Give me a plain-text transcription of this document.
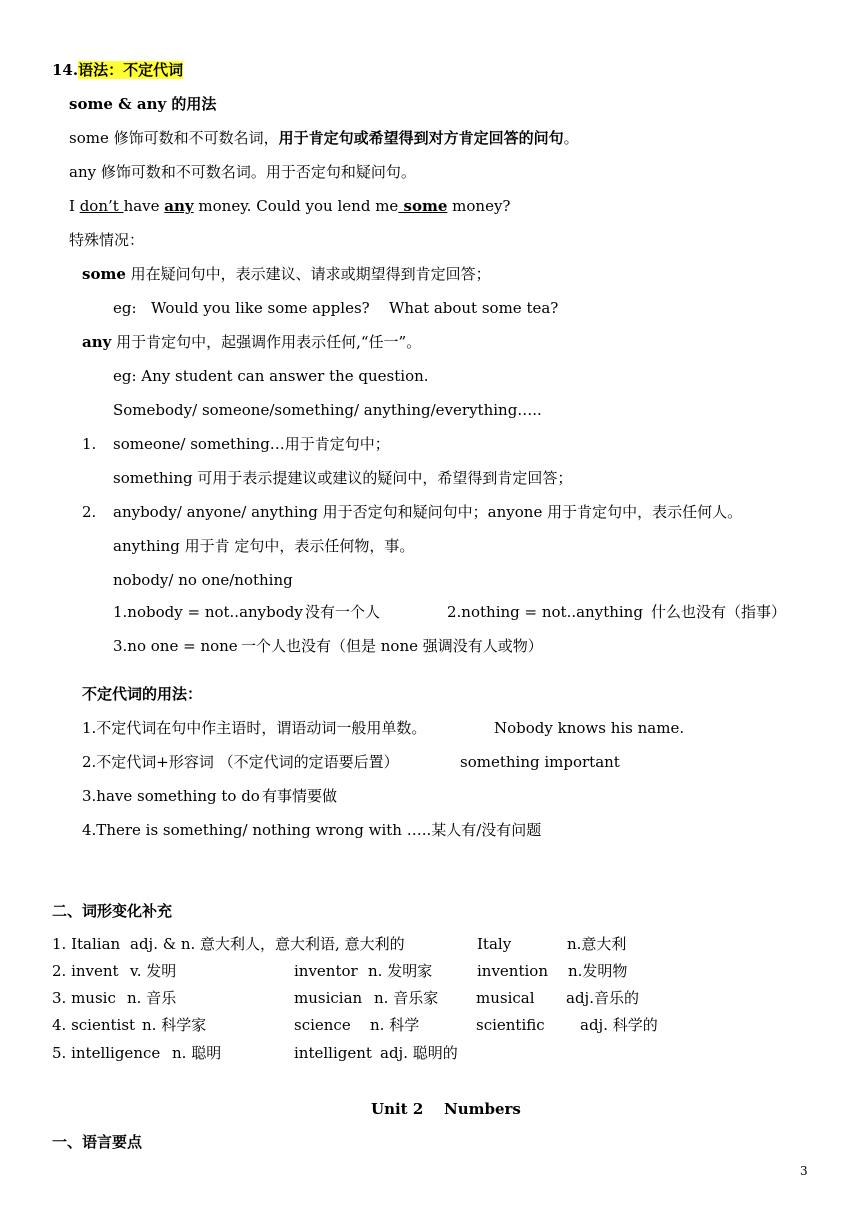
14.语法：不定代词
some & any 的用法
some 修饰可数和不可数名词，用于肯定句或希望得到对方肯定回答的问句。
any 修饰可数和不可数名词。用于否定句和疑问句。
I don’t have any money. Could you lend me some money?
特殊情况：
some 用在疑问句中，表示建议、请求或期望得到肯定回答；
eg: Would you like some apples? What about some tea?
any 用于肯定句中，起强调作用表示任何,“任一”。
eg: Any student can answer the question.
Somebody/ someone/something/ anything/everything…..
1. someone/ something…用于肯定句中；
something 可用于表示提建议或建议的疑问中，希望得到肯定回答；
2. anybody/ anyone/ anything 用于否定句和疑问句中；anyone 用于肯定句中，表示任何人。
anything 用于肯 定句中，表示任何物，事。
nobody/ no one/nothing
1.nobody = not..anybody 没有一个人	2.nothing = not..anything 什么也没有（指事）
3.no one = none 一个人也没有（但是 none 强调没有人或物）
不定代词的用法：
1.不定代词在句中作主语时，谓语动词一般用单数。	Nobody knows his name.
2.不定代词+形容词 （不定代词的定语要后置）	something important
3.have something to do 有事情要做
4.There is something/ nothing wrong with …..某人有/没有问题
二、词形变化补充
1. Italian adj. & n. 意大利人，意大利语, 意大利的	Italy	n.意大利
2. invent v. 发明	inventor n. 发明家	invention n.发明物
3. music n. 音乐	musician n. 音乐家	musical adj.音乐的
4. scientist n. 科学家	science n. 科学	scientific adj. 科学的
5. intelligence n. 聪明	intelligent adj. 聪明的
Unit 2 Numbers
一、语言要点
3
